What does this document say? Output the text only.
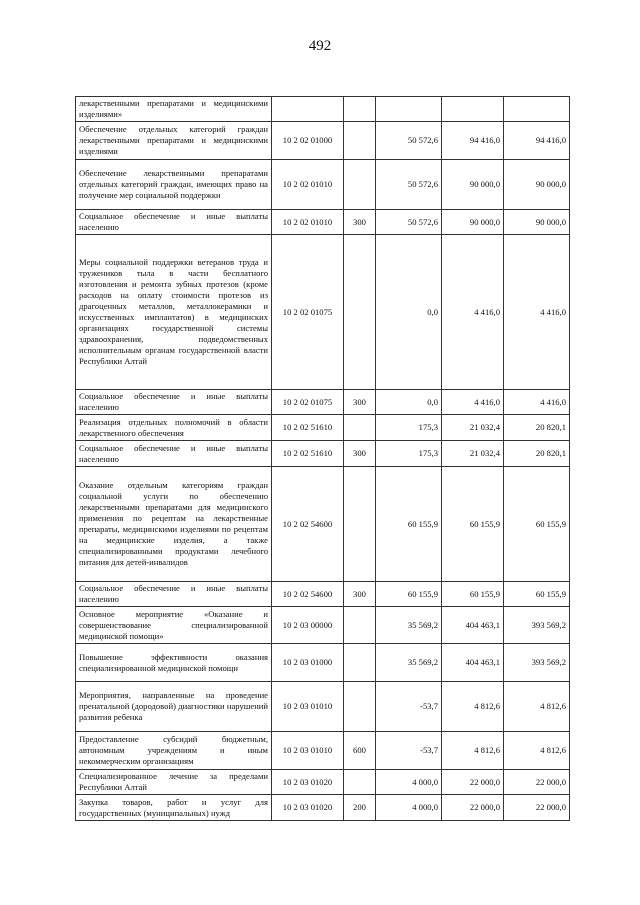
492
лекарственными препаратами и медицинскими изделиями»					
Обеспечение отдельных категорий граждан лекарственными препаратами и медицинскими изделиями	10 2 02 01000		50 572,6	94 416,0	94 416,0
Обеспечение лекарственными препаратами отдельных категорий граждан, имеющих право на получение мер социальной поддержки	10 2 02 01010		50 572,6	90 000,0	90 000,0
Социальное обеспечение и иные выплаты населению	10 2 02 01010	300	50 572,6	90 000,0	90 000,0
Меры социальной поддержки ветеранов труда и тружеников тыла в части бесплатного изготовления и ремонта зубных протезов (кроме расходов на оплату стоимости протезов из драгоценных металлов, металлокерамики и искусственных имплантатов) в медицинских организациях государственной системы здравоохранения, подведомственных исполнительным органам государственной власти Республики Алтай	10 2 02 01075		0,0	4 416,0	4 416,0
Социальное обеспечение и иные выплаты населению	10 2 02 01075	300	0,0	4 416,0	4 416,0
Реализация отдельных полномочий в области лекарственного обеспечения	10 2 02 51610		175,3	21 032,4	20 820,1
Социальное обеспечение и иные выплаты населению	10 2 02 51610	300	175,3	21 032,4	20 820,1
Оказание отдельным категориям граждан социальной услуги по обеспечению лекарственными препаратами для медицинского применения по рецептам на лекарственные препараты, медицинскими изделиями по рецептам на медицинские изделия, а также специализированными продуктами лечебного питания для детей-инвалидов	10 2 02 54600		60 155,9	60 155,9	60 155,9
Социальное обеспечение и иные выплаты населению	10 2 02 54600	300	60 155,9	60 155,9	60 155,9
Основное мероприятие «Оказание и совершенствование специализированной медицинской помощи»	10 2 03 00000		35 569,2	404 463,1	393 569,2
Повышение эффективности оказания специализированной медицинской помощи	10 2 03 01000		35 569,2	404 463,1	393 569,2
Мероприятия, направленные на проведение пренатальной (дородовой) диагностики нарушений развития ребенка	10 2 03 01010		-53,7	4 812,6	4 812,6
Предоставление субсидий бюджетным, автономным учреждениям и иным некоммерческим организациям	10 2 03 01010	600	-53,7	4 812,6	4 812,6
Специализированное лечение за пределами Республики Алтай	10 2 03 01020		4 000,0	22 000,0	22 000,0
Закупка товаров, работ и услуг для государственных (муниципальных) нужд	10 2 03 01020	200	4 000,0	22 000,0	22 000,0
